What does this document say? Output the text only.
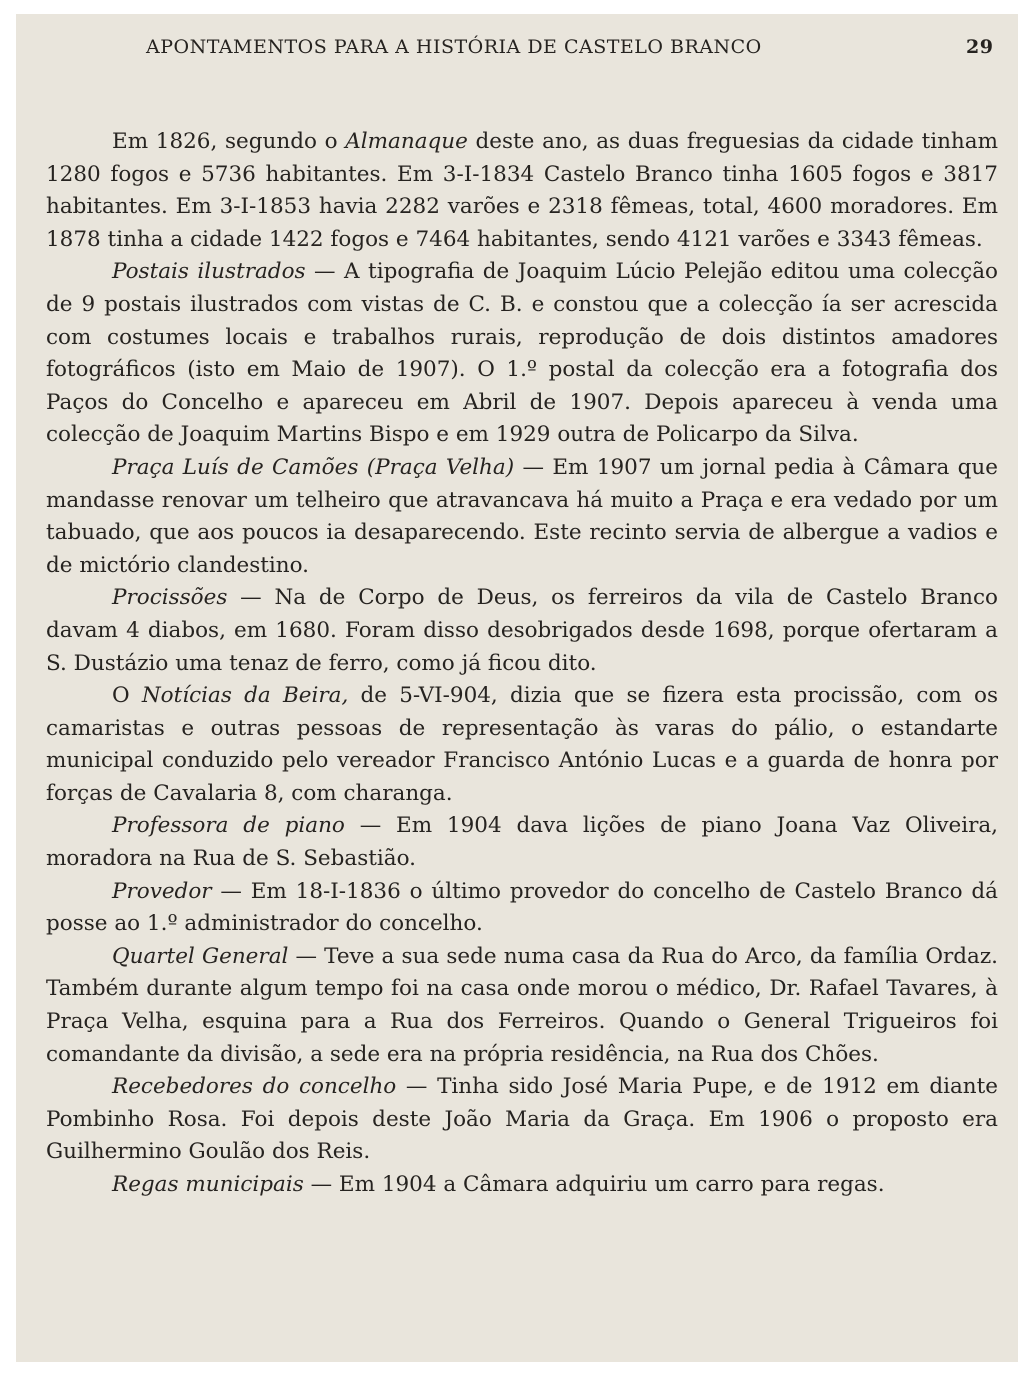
APONTAMENTOS PARA A HISTÓRIA DE CASTELO BRANCO	29

Em 1826, segundo o Almanaque deste ano, as duas freguesias da cidade tinham 1280 fogos e 5736 habitantes. Em 3-I-1834 Castelo Branco tinha 1605 fogos e 3817 habitantes. Em 3-I-1853 havia 2282 varões e 2318 fêmeas, total, 4600 moradores. Em 1878 tinha a cidade 1422 fogos e 7464 habitantes, sendo 4121 varões e 3343 fêmeas.

Postais ilustrados — A tipografia de Joaquim Lúcio Pelejão editou uma colecção de 9 postais ilustrados com vistas de C. B. e constou que a colecção ía ser acrescida com costumes locais e trabalhos rurais, reprodução de dois distintos amadores fotográficos (isto em Maio de 1907). O 1.º postal da colecção era a fotografia dos Paços do Concelho e apareceu em Abril de 1907. Depois apareceu à venda uma colecção de Joaquim Martins Bispo e em 1929 outra de Policarpo da Silva.

Praça Luís de Camões (Praça Velha) — Em 1907 um jornal pedia à Câmara que mandasse renovar um telheiro que atravancava há muito a Praça e era vedado por um tabuado, que aos poucos ia desaparecendo. Este recinto servia de albergue a vadios e de mictório clandestino.

Procissões — Na de Corpo de Deus, os ferreiros da vila de Castelo Branco davam 4 diabos, em 1680. Foram disso desobrigados desde 1698, porque ofertaram a S. Dustázio uma tenaz de ferro, como já ficou dito.

O Notícias da Beira, de 5-VI-904, dizia que se fizera esta procissão, com os camaristas e outras pessoas de representação às varas do pálio, o estandarte municipal conduzido pelo vereador Francisco António Lucas e a guarda de honra por forças de Cavalaria 8, com charanga.

Professora de piano — Em 1904 dava lições de piano Joana Vaz Oliveira, moradora na Rua de S. Sebastião.

Provedor — Em 18-I-1836 o último provedor do concelho de Castelo Branco dá posse ao 1.º administrador do concelho.

Quartel General — Teve a sua sede numa casa da Rua do Arco, da família Ordaz. Também durante algum tempo foi na casa onde morou o médico, Dr. Rafael Tavares, à Praça Velha, esquina para a Rua dos Ferreiros. Quando o General Trigueiros foi comandante da divisão, a sede era na própria residência, na Rua dos Chões.

Recebedores do concelho — Tinha sido José Maria Pupe, e de 1912 em diante Pombinho Rosa. Foi depois deste João Maria da Graça. Em 1906 o proposto era Guilhermino Goulão dos Reis.

Regas municipais — Em 1904 a Câmara adquiriu um carro para regas.
